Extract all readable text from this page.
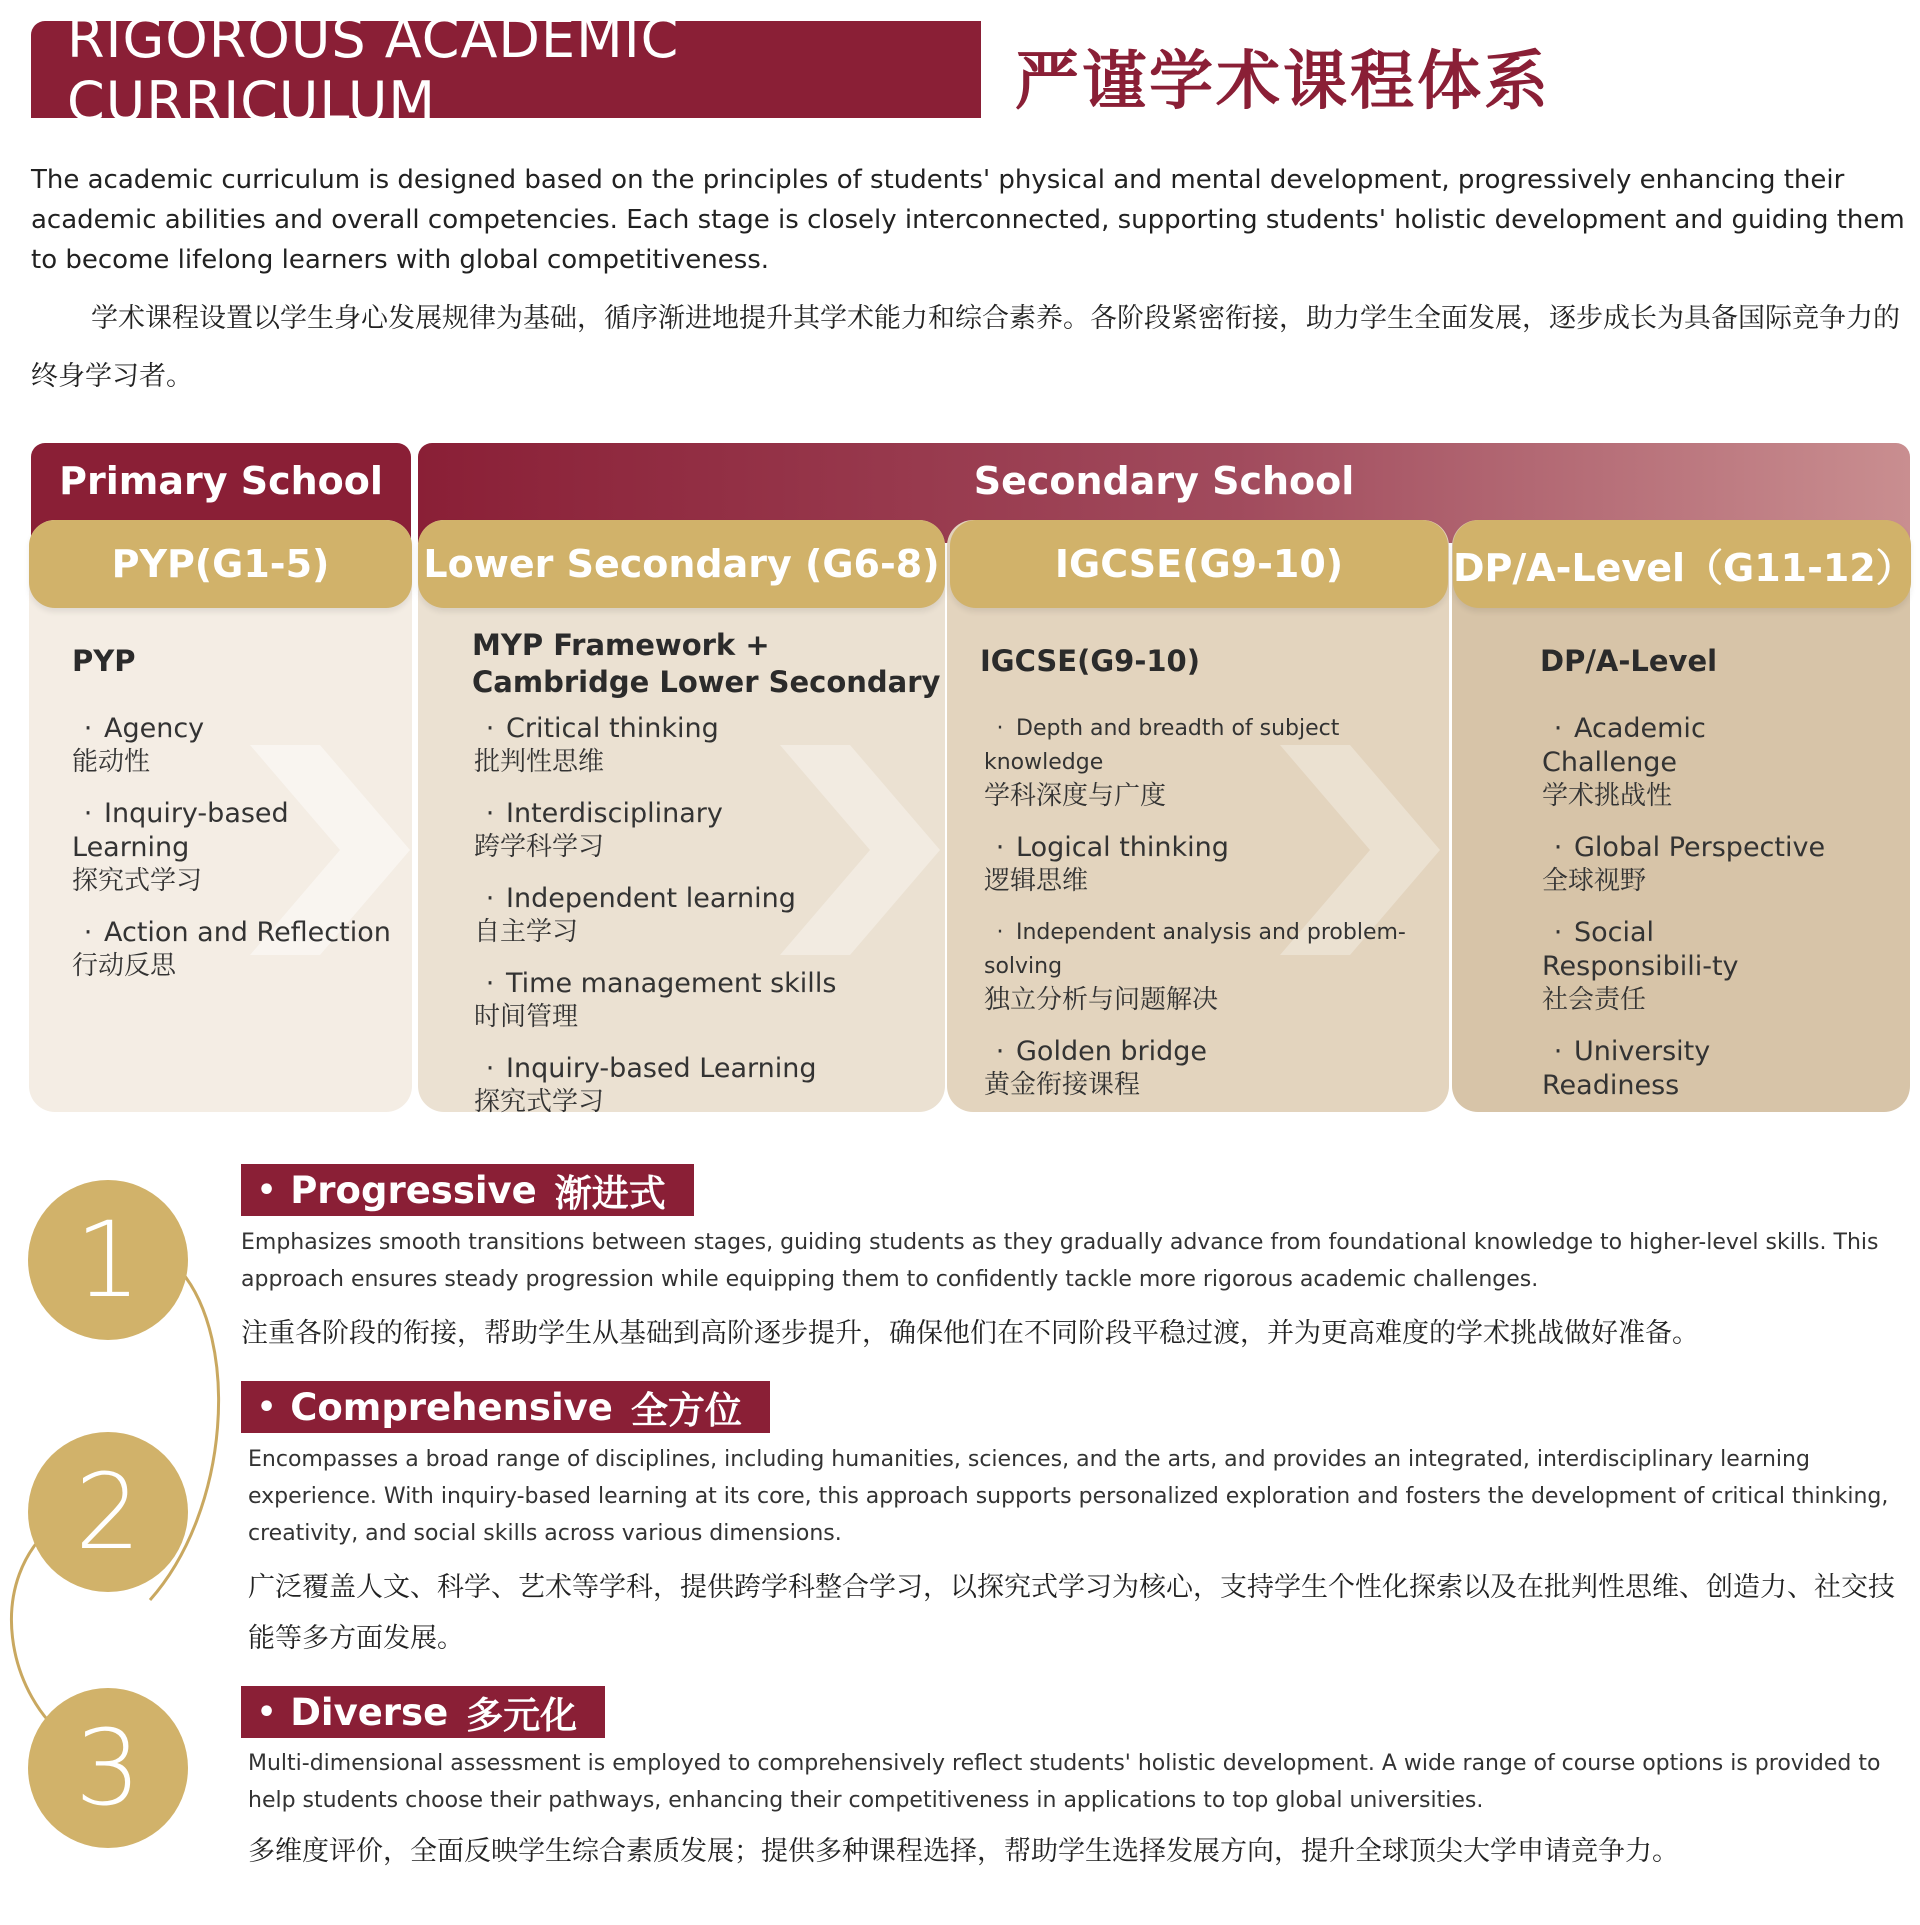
RIGOROUS ACADEMIC CURRICULUM	严谨学术课程体系

The academic curriculum is designed based on the principles of students' physical and mental development, progressively enhancing their academic abilities and overall competencies. Each stage is closely interconnected, supporting students' holistic development and guiding them to become lifelong learners with global competitiveness.

学术课程设置以学生身心发展规律为基础，循序渐进地提升其学术能力和综合素养。各阶段紧密衔接，助力学生全面发展，逐步成长为具备国际竞争力的终身学习者。

Primary School	Secondary School
PYP(G1-5)	Lower Secondary (G6-8)	IGCSE(G9-10)	DP/A-Level（G11-12）
PYP
· Agency
能动性
· Inquiry-based Learning
探究式学习
· Action and Reflection
行动反思
MYP Framework +
Cambridge Lower Secondary
· Critical thinking
批判性思维
· Interdisciplinary
跨学科学习
· Independent learning
自主学习
· Time management skills
时间管理
· Inquiry-based Learning
探究式学习
IGCSE(G9-10)
· Depth and breadth of subject knowledge
学科深度与广度
· Logical thinking
逻辑思维
· Independent analysis and problem-solving
独立分析与问题解决
· Golden bridge
黄金衔接课程
DP/A-Level
· Academic Challenge
学术挑战性
· Global Perspective
全球视野
· Social Responsibili-ty
社会责任
· University Readiness
1
2
3
• Progressive 渐进式

Emphasizes smooth transitions between stages, guiding students as they gradually advance from foundational knowledge to higher-level skills. This approach ensures steady progression while equipping them to confidently tackle more rigorous academic challenges.

注重各阶段的衔接，帮助学生从基础到高阶逐步提升，确保他们在不同阶段平稳过渡，并为更高难度的学术挑战做好准备。

• Comprehensive 全方位

Encompasses a broad range of disciplines, including humanities, sciences, and the arts, and provides an integrated, interdisciplinary learning experience. With inquiry-based learning at its core, this approach supports personalized exploration and fosters the development of critical thinking, creativity, and social skills across various dimensions.

广泛覆盖人文、科学、艺术等学科，提供跨学科整合学习，以探究式学习为核心，支持学生个性化探索以及在批判性思维、创造力、社交技能等多方面发展。

• Diverse 多元化

Multi-dimensional assessment is employed to comprehensively reflect students' holistic development. A wide range of course options is provided to help students choose their pathways, enhancing their competitiveness in applications to top global universities.

多维度评价，全面反映学生综合素质发展；提供多种课程选择，帮助学生选择发展方向，提升全球顶尖大学申请竞争力。
